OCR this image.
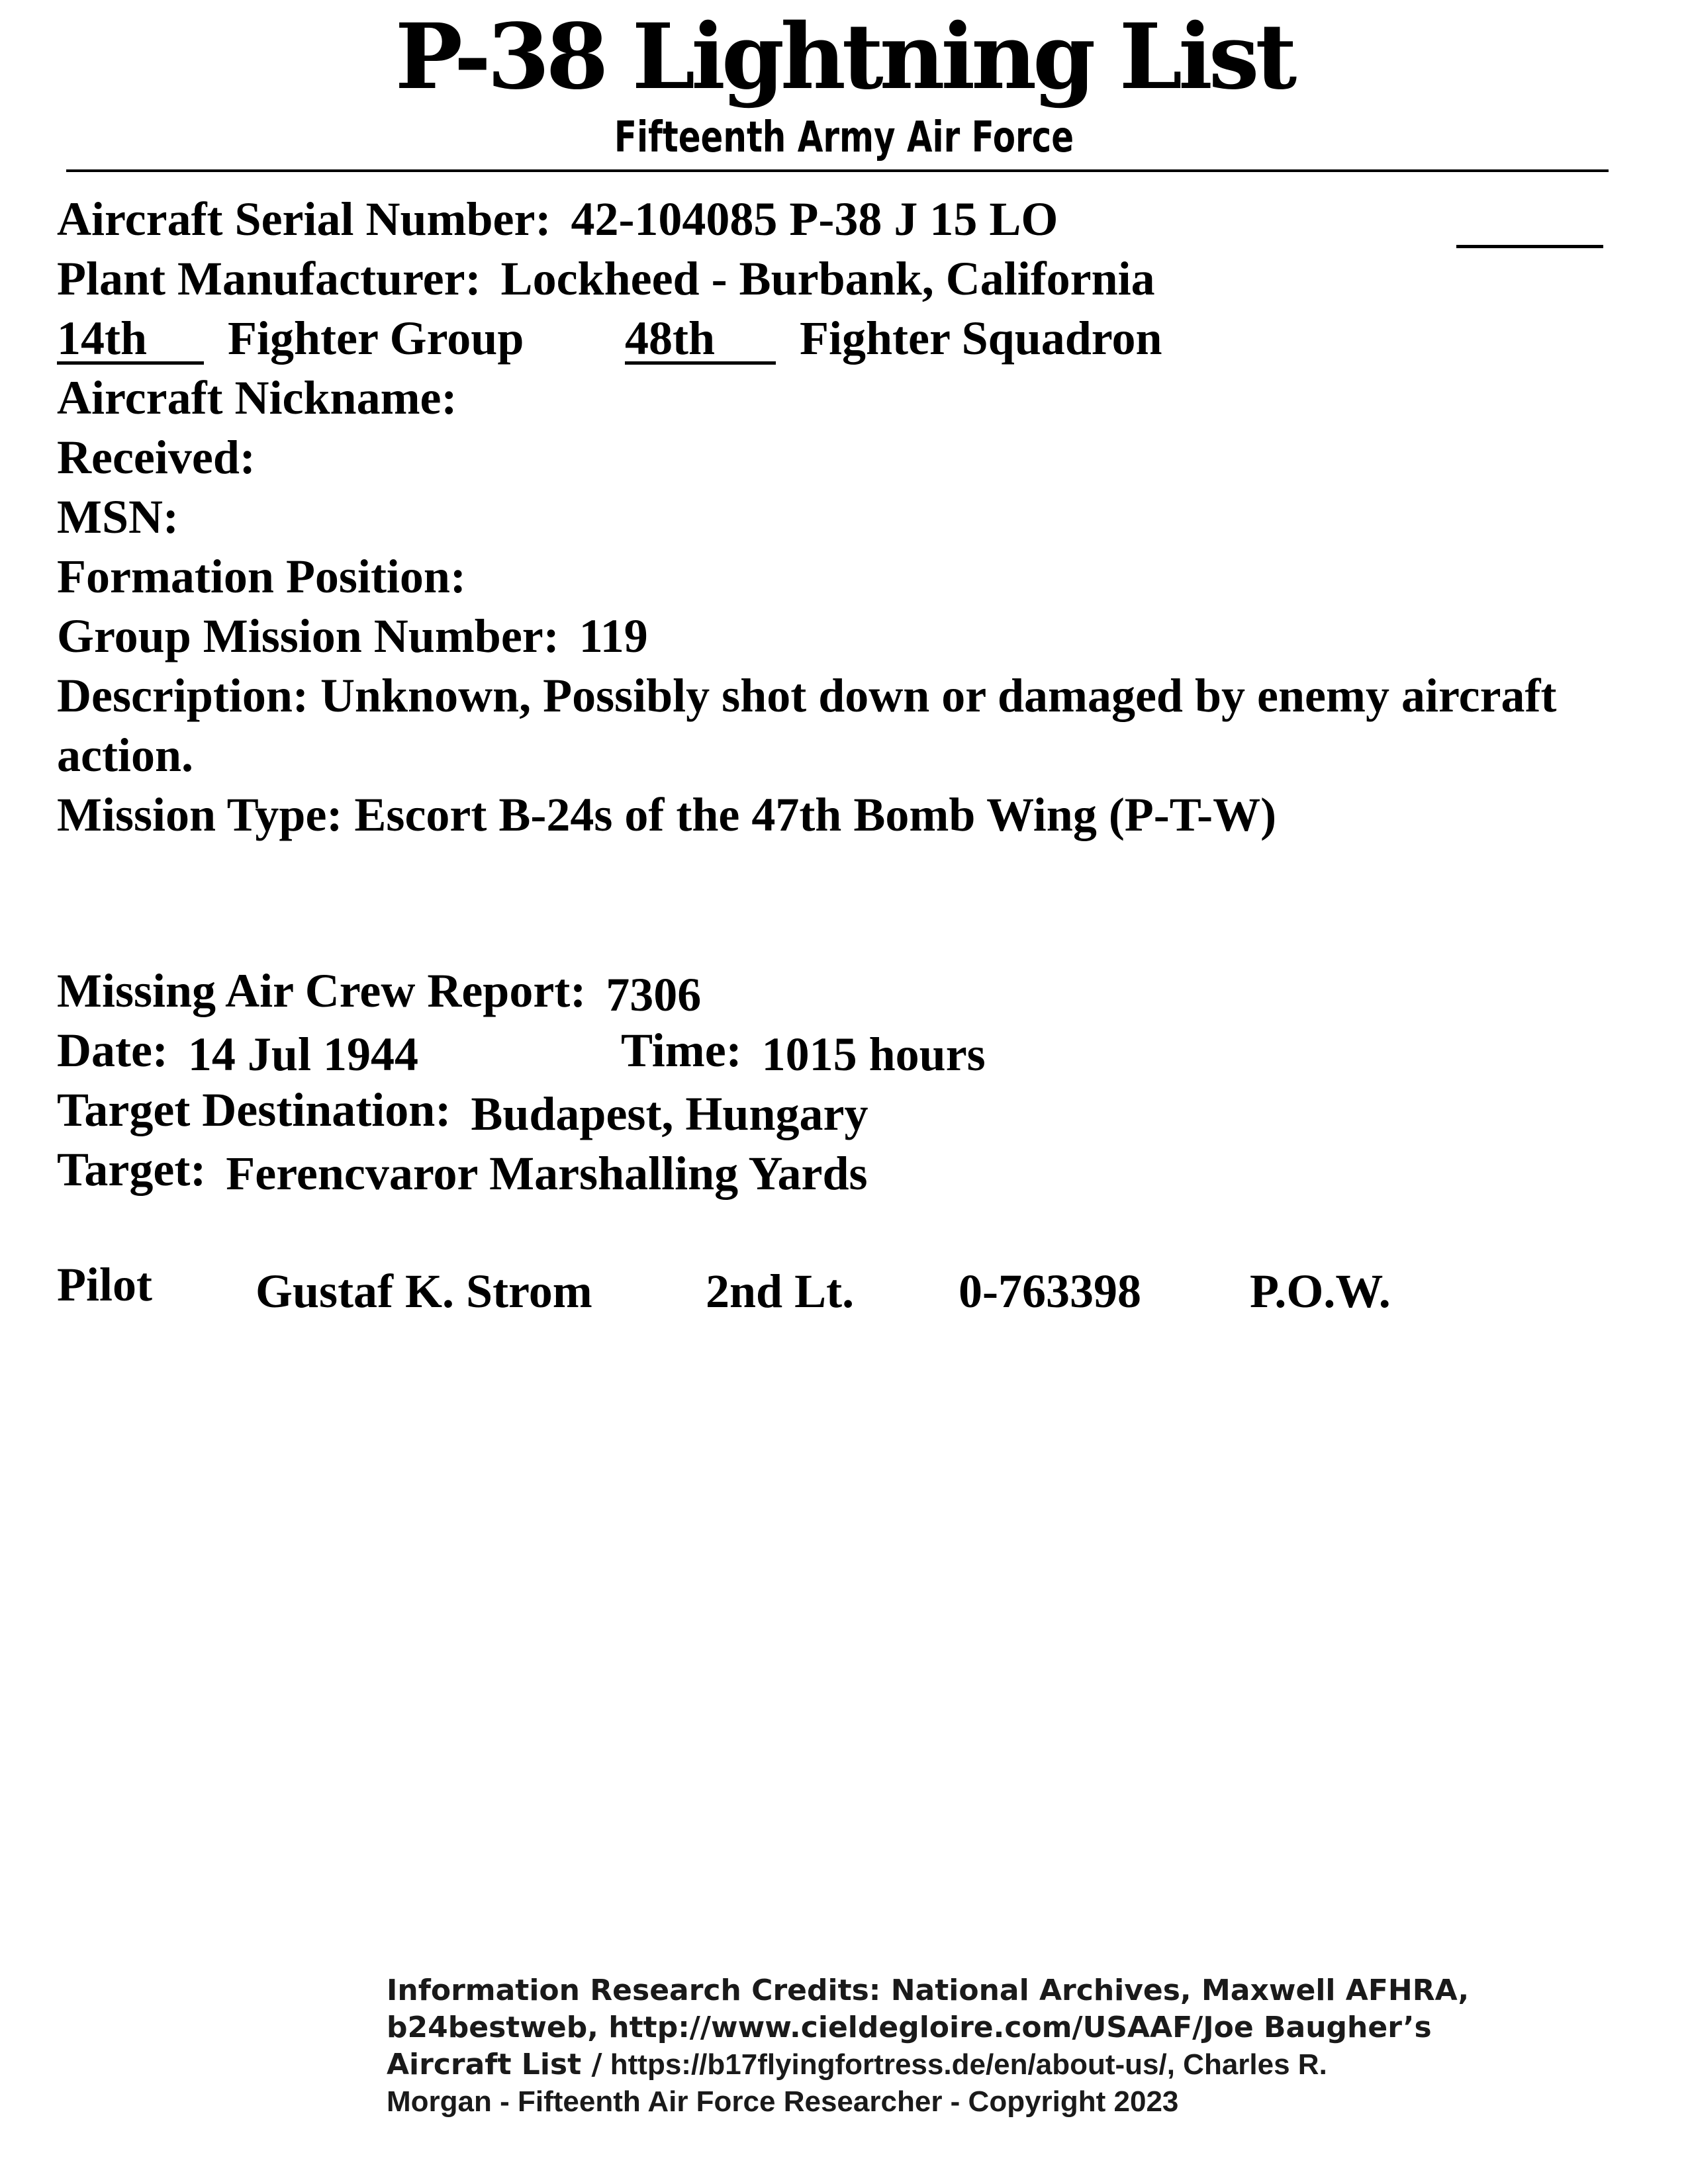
P-38 Lightning List
Fifteenth Army Air Force
Aircraft Serial Number: 42-104085 P-38 J 15 LO
Plant Manufacturer: Lockheed - Burbank, California
14th Fighter Group 48th Fighter Squadron
Aircraft Nickname:
Received:
MSN:
Formation Position:
Group Mission Number: 119
Description: Unknown, Possibly shot down or damaged by enemy aircraft
action.
Mission Type: Escort B-24s of the 47th Bomb Wing (P-T-W)
Missing Air Crew Report: 7306
Date: 14 Jul 1944	Time: 1015 hours
Target Destination: Budapest, Hungary
Target: Ferencvaror Marshalling Yards
Pilot Gustaf K. Strom 2nd Lt. 0-763398 P.O.W.
Information Research Credits: National Archives, Maxwell AFHRA,
b24bestweb, http://www.cieldegloire.com/USAAF/Joe Baugher’s
Aircraft List / https://b17flyingfortress.de/en/about-us/, Charles R.
Morgan - Fifteenth Air Force Researcher - Copyright 2023
